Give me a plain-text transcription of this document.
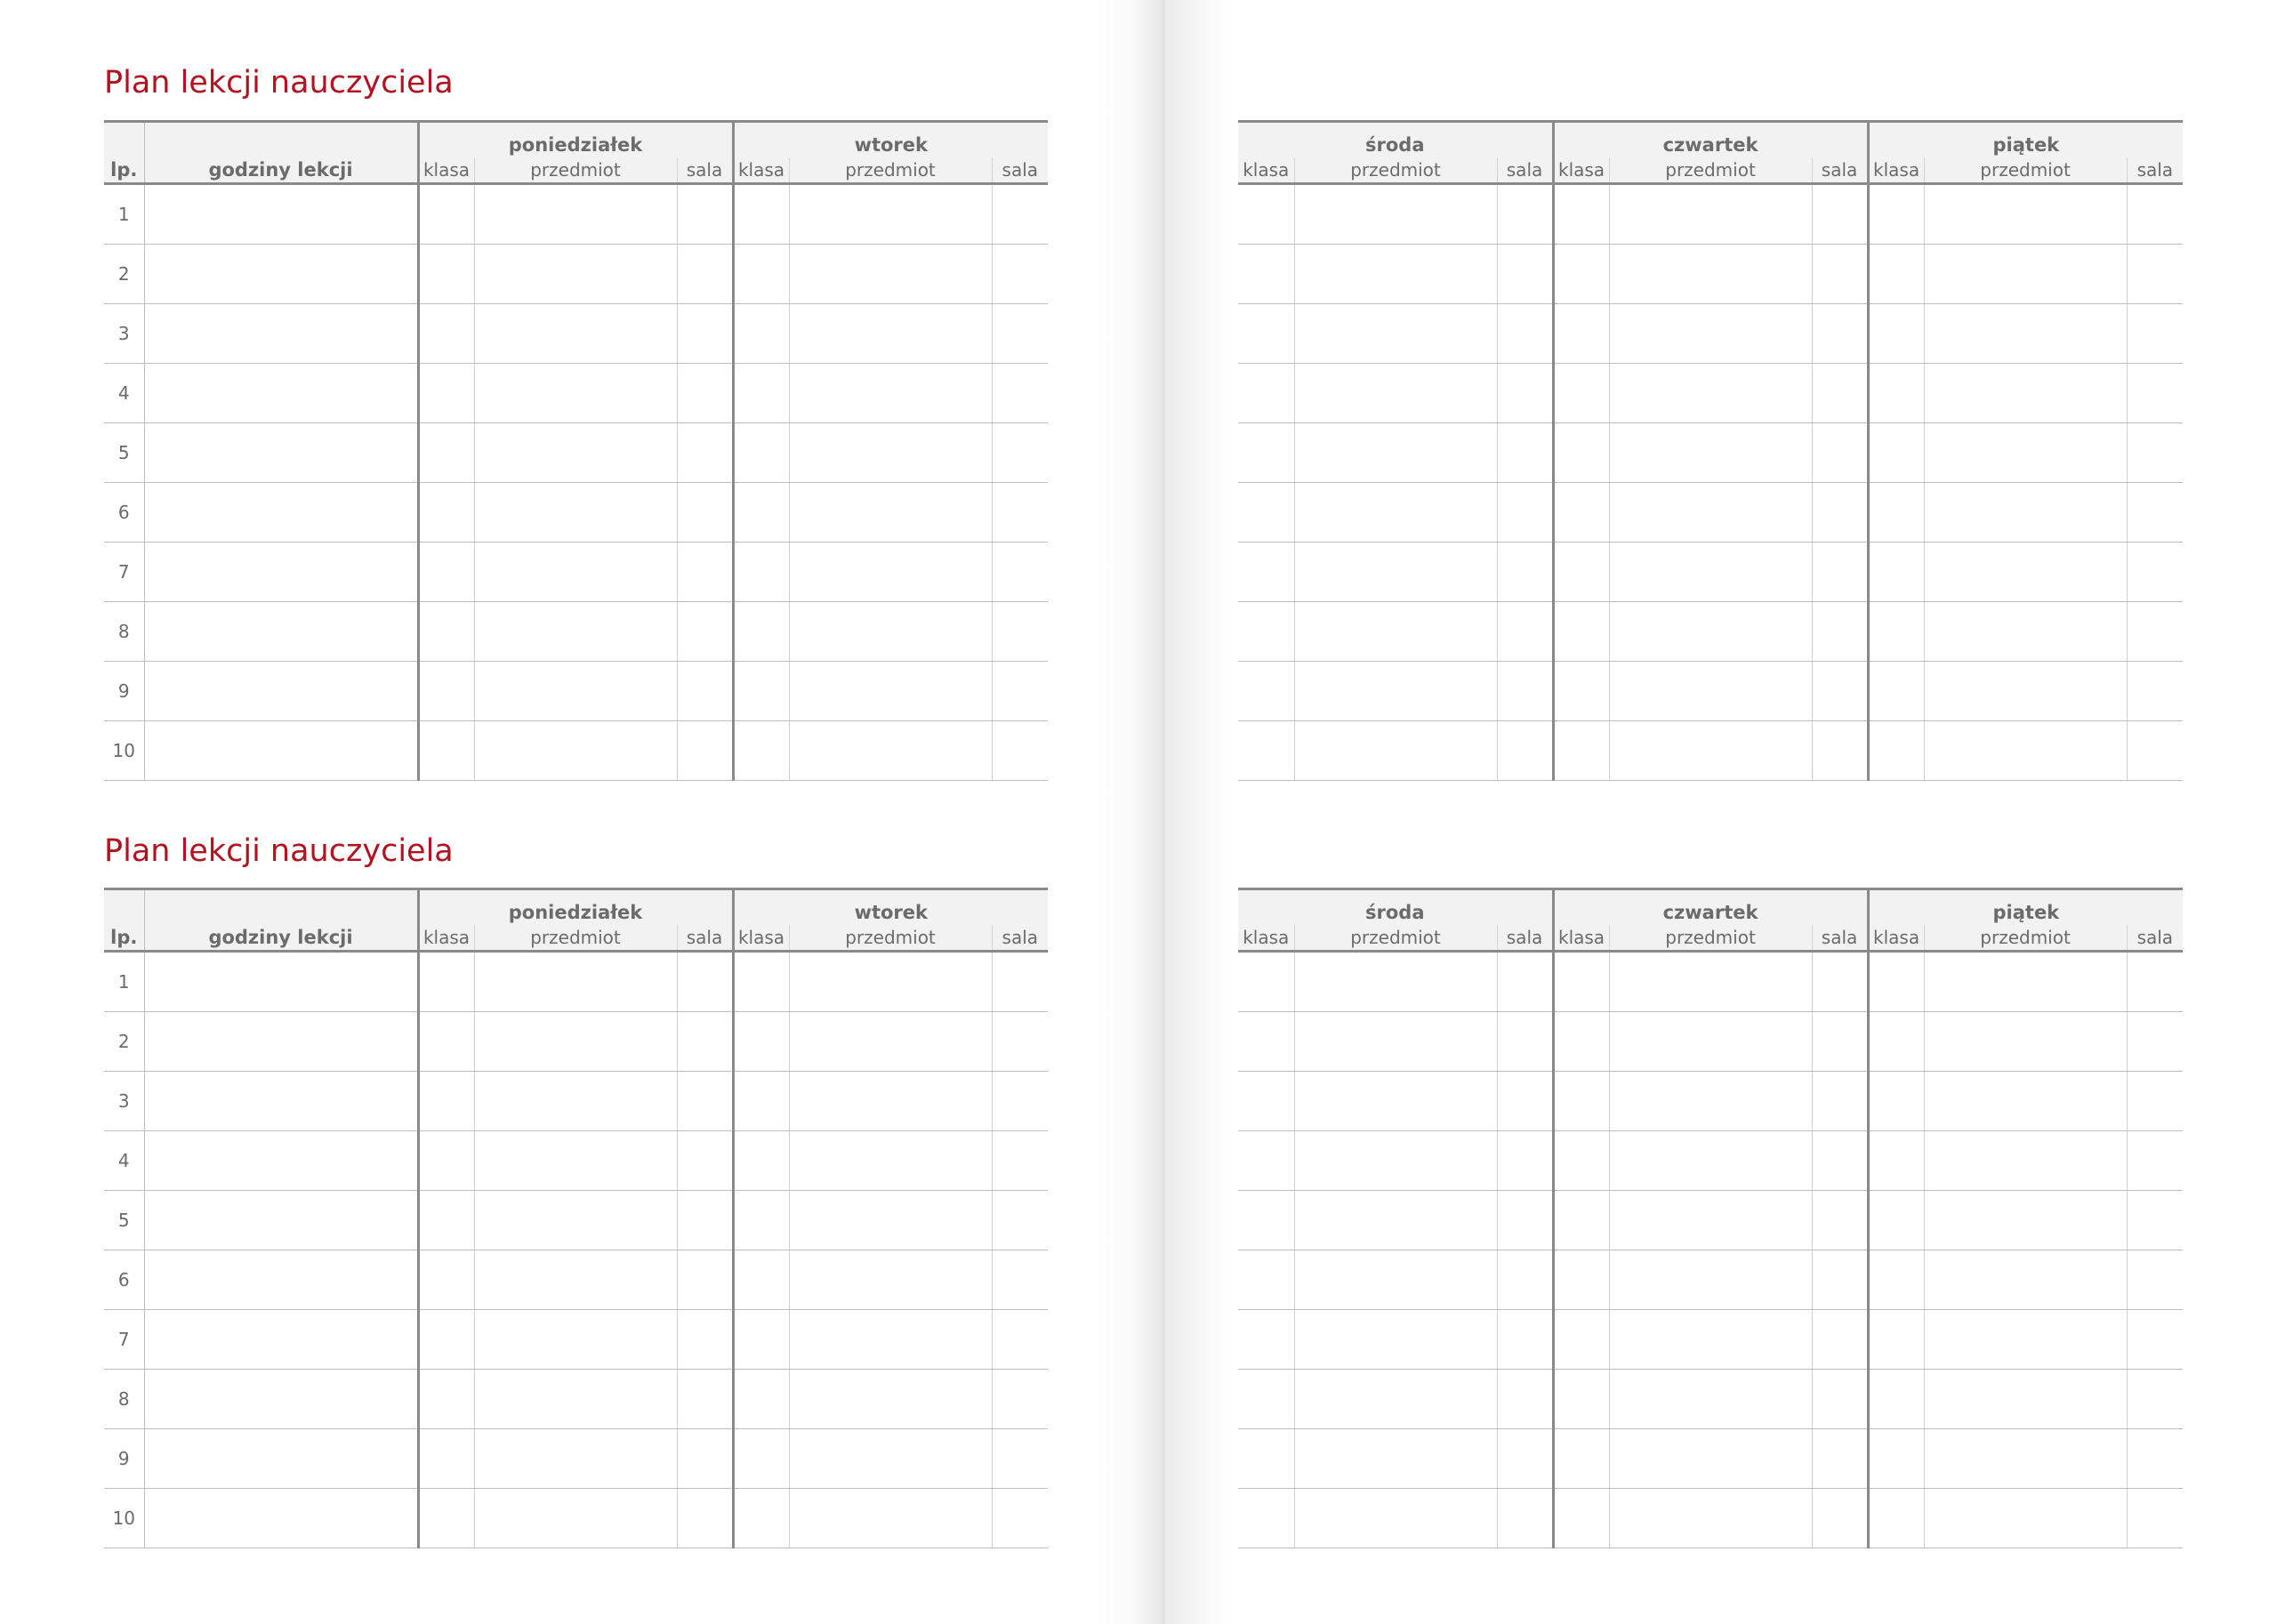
Plan lekcji nauczyciela
lp.	godziny lekcji	poniedziałek			wtorek		
		klasa	przedmiot	sala	klasa	przedmiot	sala
1							
2							
3							
4							
5							
6							
7							
8							
9							
10							
środa			czwartek			piątek		
klasa	przedmiot	sala	klasa	przedmiot	sala	klasa	przedmiot	sala

Plan lekcji nauczyciela
lp.	godziny lekcji	poniedziałek			wtorek		
		klasa	przedmiot	sala	klasa	przedmiot	sala
1							
2							
3							
4							
5							
6							
7							
8							
9							
10							
środa			czwartek			piątek		
klasa	przedmiot	sala	klasa	przedmiot	sala	klasa	przedmiot	sala
